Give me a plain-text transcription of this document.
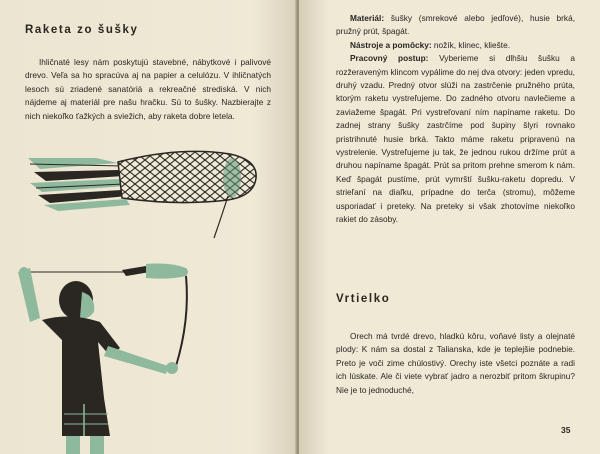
Raketa zo šušky

Ihličnaté lesy nám poskytujú stavebné, nábytkové i palivové drevo. Veľa sa ho spracúva aj na papier a celulózu. V ihličnatých lesoch sú zriadené sanatóriá a rekreačné strediská. V nich nájdeme aj materiál pre našu hračku. Sú to šušky. Nazbierajte z nich niekoľko ťažkých a sviežich, aby raketa dobre letela.

Materiál: šušky (smrekové alebo jedľové), husie brká, pružný prút, špagát.

Nástroje a pomôcky: nožík, klinec, kliešte.

Pracovný postup: Vyberieme si dlhšiu šušku a rozžeraveným klincom vypálime do nej dva otvory: jeden vpredu, druhý vzadu. Predný otvor slúži na zastrčenie pružného prúta, ktorým raketu vystreľujeme. Do zadného otvoru navlečieme a zaviažeme špagát. Pri vystreľovaní ním napíname raketu. Do zadnej strany šušky zastrčíme pod šupiny šlyri rovnako pristrihnuté husie brká. Takto máme raketu pripravenú na vystrelenie. Vystreľujeme ju tak, že jednou rukou držíme prút a druhou napíname špagát. Prút sa pritom prehne smerom k nám. Keď špagát pustíme, prút vymrští šušku-raketu dopredu. V strieľaní na diaľku, prípadne do terča (stromu), môžeme usporiadať i preteky. Na preteky si však zhotovíme niekoľko rakiet do zásoby.

Vrtielko

Orech má tvrdé drevo, hladkú kôru, voňavé listy a olejnaté plody: K nám sa dostal z Talianska, kde je teplejšie podnebie. Preto je voči zime chúlostivý. Orechy iste všetci poznáte a radi ich lúskate. Ale či viete vybrať jadro a nerozbiť pritom škrupinu? Nie je to jednoduché,

35
